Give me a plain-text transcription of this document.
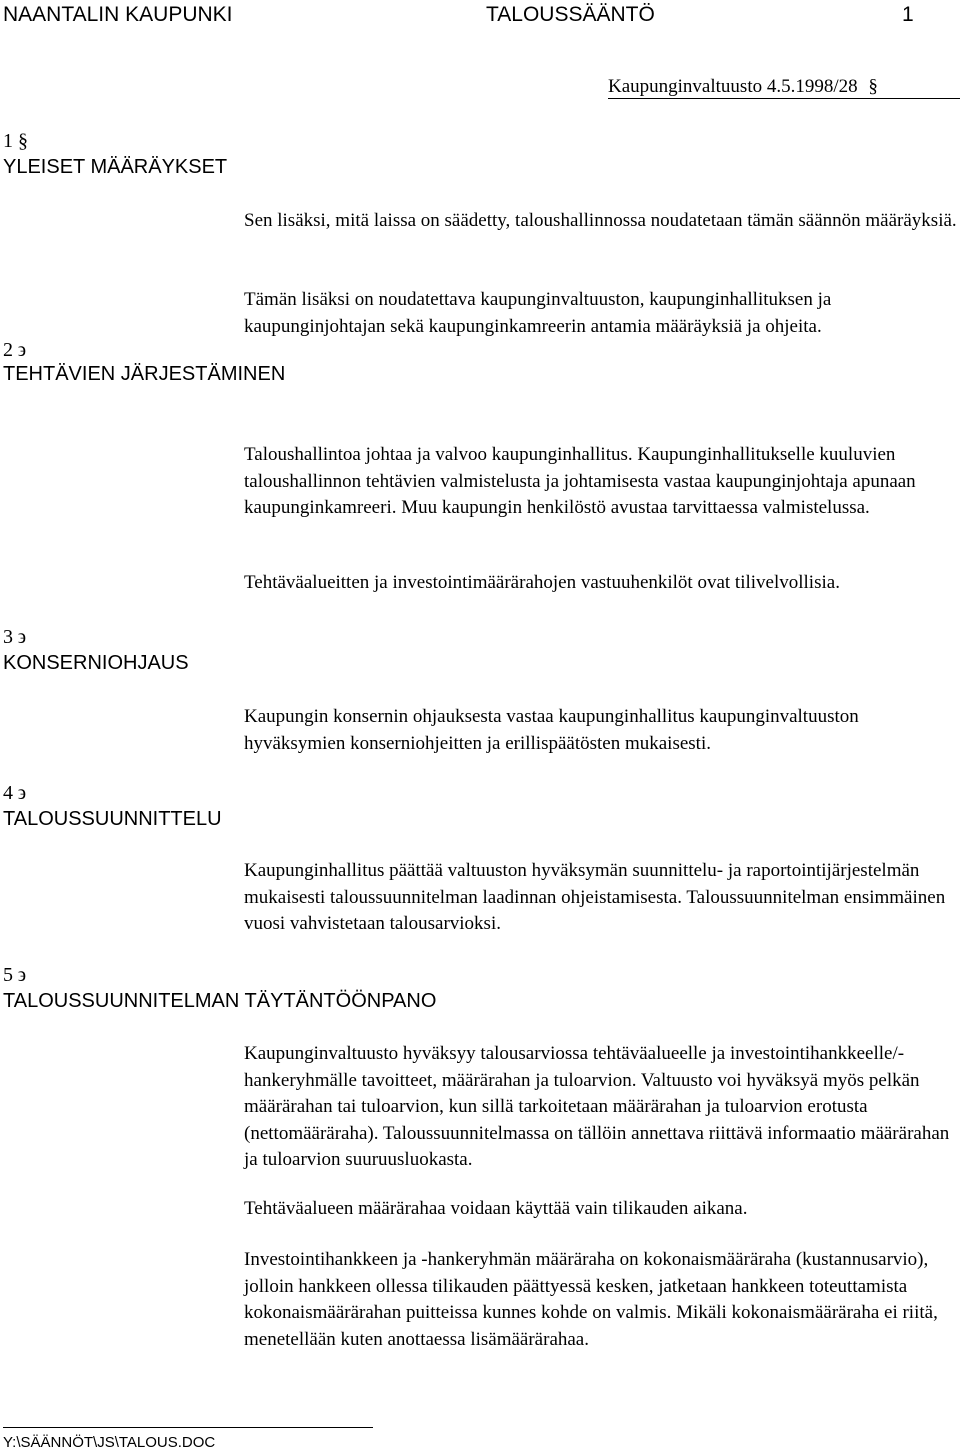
NAANTALIN KAUPUNKI	TALOUSSÄÄNTÖ	1
Kaupunginvaltuusto 4.5.1998/28 §
1 §
YLEISET MÄÄRÄYKSET
Sen lisäksi, mitä laissa on säädetty, taloushallinnossa noudatetaan tämän säännön määräyksiä.
Tämän lisäksi on noudatettava kaupunginvaltuuston, kaupunginhallituksen ja kaupunginjohtajan sekä kaupunginkamreerin antamia määräyksiä ja ohjeita.
2 ϶
TEHTÄVIEN JÄRJESTÄMINEN
Taloushallintoa johtaa ja valvoo kaupunginhallitus. Kaupunginhallitukselle kuuluvien taloushallinnon tehtävien valmistelusta ja johtamisesta vastaa kaupunginjohtaja apunaan kaupunginkamreeri. Muu kaupungin henkilöstö avustaa tarvittaessa valmistelussa.
Tehtäväalueitten ja investointimäärärahojen vastuuhenkilöt ovat tilivelvollisia.
3 ϶
KONSERNIOHJAUS
Kaupungin konsernin ohjauksesta vastaa kaupunginhallitus kaupunginvaltuuston hyväksymien konserniohjeitten ja erillispäätösten mukaisesti.
4 ϶
TALOUSSUUNNITTELU
Kaupunginhallitus päättää valtuuston hyväksymän suunnittelu- ja raportointijärjestelmän mukaisesti taloussuunnitelman laadinnan ohjeistamisesta. Taloussuunnitelman ensimmäinen vuosi vahvistetaan talousarvioksi.
5 ϶
TALOUSSUUNNITELMAN TÄYTÄNTÖÖNPANO
Kaupunginvaltuusto hyväksyy talousarviossa tehtäväalueelle ja investointihankkeelle/-hankeryhmälle tavoitteet, määrärahan ja tuloarvion. Valtuusto voi hyväksyä myös pelkän määrärahan tai tuloarvion, kun sillä tarkoitetaan määrärahan ja tuloarvion erotusta (nettomääräraha). Taloussuunnitelmassa on tällöin annettava riittävä informaatio määrärahan ja tuloarvion suuruusluokasta.
Tehtäväalueen määrärahaa voidaan käyttää vain tilikauden aikana.
Investointihankkeen ja -hankeryhmän määräraha on kokonaismääräraha (kustannusarvio), jolloin hankkeen ollessa tilikauden päättyessä kesken, jatketaan hankkeen toteuttamista kokonaismäärärahan puitteissa kunnes kohde on valmis. Mikäli kokonaismääräraha ei riitä, menetellään kuten anottaessa lisämäärärahaa.
Y:\SÄÄNNÖT\JS\TALOUS.DOC
